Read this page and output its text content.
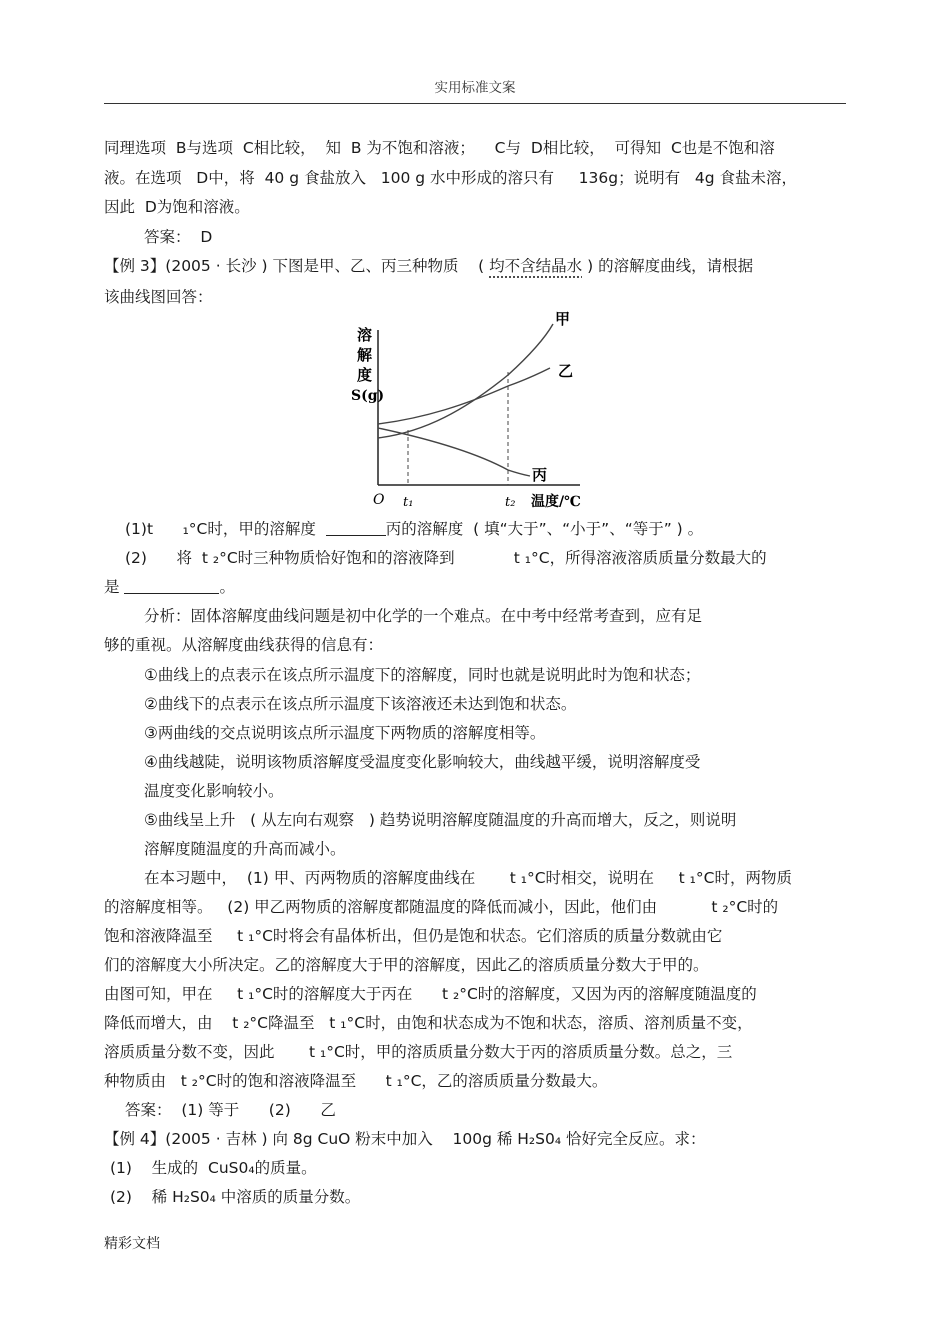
实用标准文案
同理选项  B与选项  C相比较，  知  B 为不饱和溶液；    C与  D相比较，  可得知  C也是不饱和溶
液。在选项   D中，将  40 g 食盐放入   100 g 水中形成的溶只有     136g；说明有   4g 食盐未溶，
因此  D为饱和溶液。
答案：  D
【例 3】(2005 · 长沙 ) 下图是甲、乙、丙三种物质    ( 均不含结晶水 ) 的溶解度曲线，请根据
该曲线图回答：
溶
解
度
S(g)
O t₁	t₂ 温度/℃
甲
乙
丙
(1)t      ₁°C时，甲的溶解度	丙的溶解度  ( 填“大于”、“小于”、“等于” ) 。
(2)      将  t ₂°C时三种物质恰好饱和的溶液降到            t ₁°C，所得溶液溶质质量分数最大的
是	。
分析：固体溶解度曲线问题是初中化学的一个难点。在中考中经常考查到，应有足
够的重视。从溶解度曲线获得的信息有：
①曲线上的点表示在该点所示温度下的溶解度，同时也就是说明此时为饱和状态；
②曲线下的点表示在该点所示温度下该溶液还未达到饱和状态。
③两曲线的交点说明该点所示温度下两物质的溶解度相等。
④曲线越陡，说明该物质溶解度受温度变化影响较大，曲线越平缓，说明溶解度受
温度变化影响较小。
⑤曲线呈上升   ( 从左向右观察   ) 趋势说明溶解度随温度的升高而增大，反之，则说明
溶解度随温度的升高而减小。
在本习题中，  (1) 甲、丙两物质的溶解度曲线在       t ₁°C时相交，说明在     t ₁°C时，两物质
的溶解度相等。   (2) 甲乙两物质的溶解度都随温度的降低而减小，因此，他们由           t ₂°C时的
饱和溶液降温至     t ₁°C时将会有晶体析出，但仍是饱和状态。它们溶质的质量分数就由它
们的溶解度大小所决定。乙的溶解度大于甲的溶解度，因此乙的溶质质量分数大于甲的。
由图可知，甲在     t ₁°C时的溶解度大于丙在      t ₂°C时的溶解度，又因为丙的溶解度随温度的
降低而增大，由    t ₂°C降温至   t ₁°C时，由饱和状态成为不饱和状态，溶质、溶剂质量不变，
溶质质量分数不变，因此       t ₁°C时，甲的溶质质量分数大于丙的溶质质量分数。总之，三
种物质由   t ₂°C时的饱和溶液降温至      t ₁°C，乙的溶质质量分数最大。
答案：  (1) 等于      (2)      乙
【例 4】(2005 · 吉林 ) 向 8g CuO 粉末中加入    100g 稀 H₂S0₄ 恰好完全反应。求：
(1)    生成的  CuS0₄的质量。
(2)    稀 H₂S0₄ 中溶质的质量分数。
精彩文档
